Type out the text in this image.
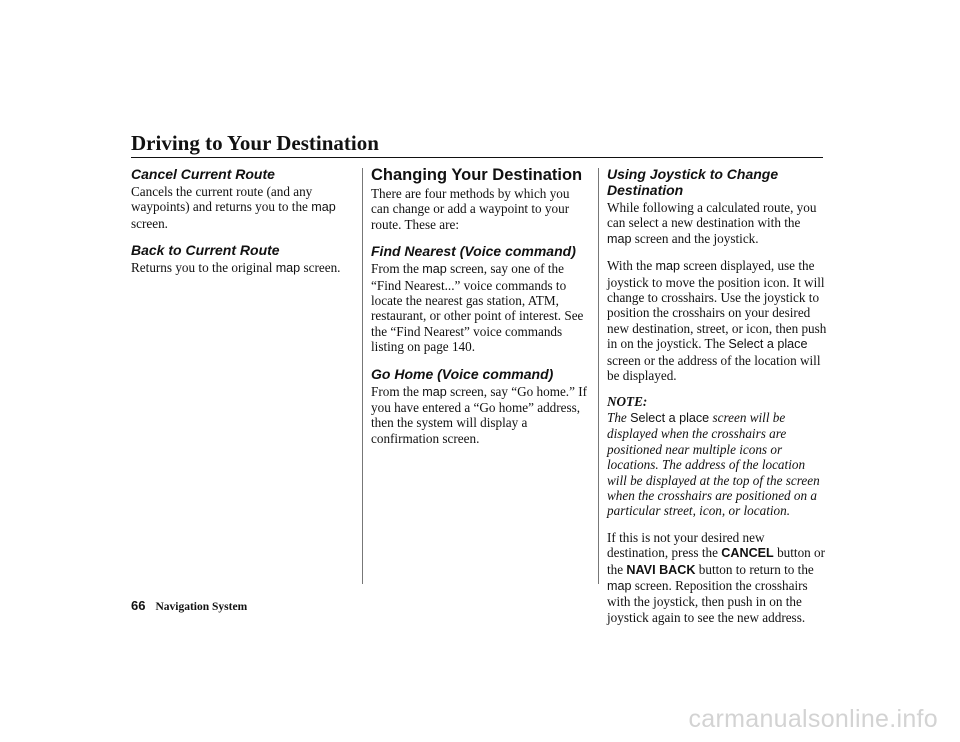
Driving to Your Destination
Cancel Current Route

Cancels the current route (and any waypoints) and returns you to the map screen.

Back to Current Route

Returns you to the original map screen.

Changing Your Destination

There are four methods by which you can change or add a waypoint to your route. These are:

Find Nearest (Voice command)

From the map screen, say one of the “Find Nearest...” voice commands to locate the nearest gas station, ATM, restaurant, or other point of interest. See the “Find Nearest” voice commands listing on page 140.

Go Home (Voice command)

From the map screen, say “Go home.” If you have entered a “Go home” address, then the system will display a confirmation screen.

Using Joystick to Change Destination

While following a calculated route, you can select a new destination with the map screen and the joystick.

With the map screen displayed, use the joystick to move the position icon. It will change to crosshairs. Use the joystick to position the crosshairs on your desired new destination, street, or icon, then push in on the joystick. The Select a place screen or the address of the location will be displayed.

NOTE:
The Select a place screen will be displayed when the crosshairs are positioned near multiple icons or locations. The address of the location will be displayed at the top of the screen when the crosshairs are positioned on a particular street, icon, or location.

If this is not your desired new destination, press the CANCEL button or the NAVI BACK button to return to the map screen. Reposition the crosshairs with the joystick, then push in on the joystick again to see the new address.

66 Navigation System
carmanualsonline.info
